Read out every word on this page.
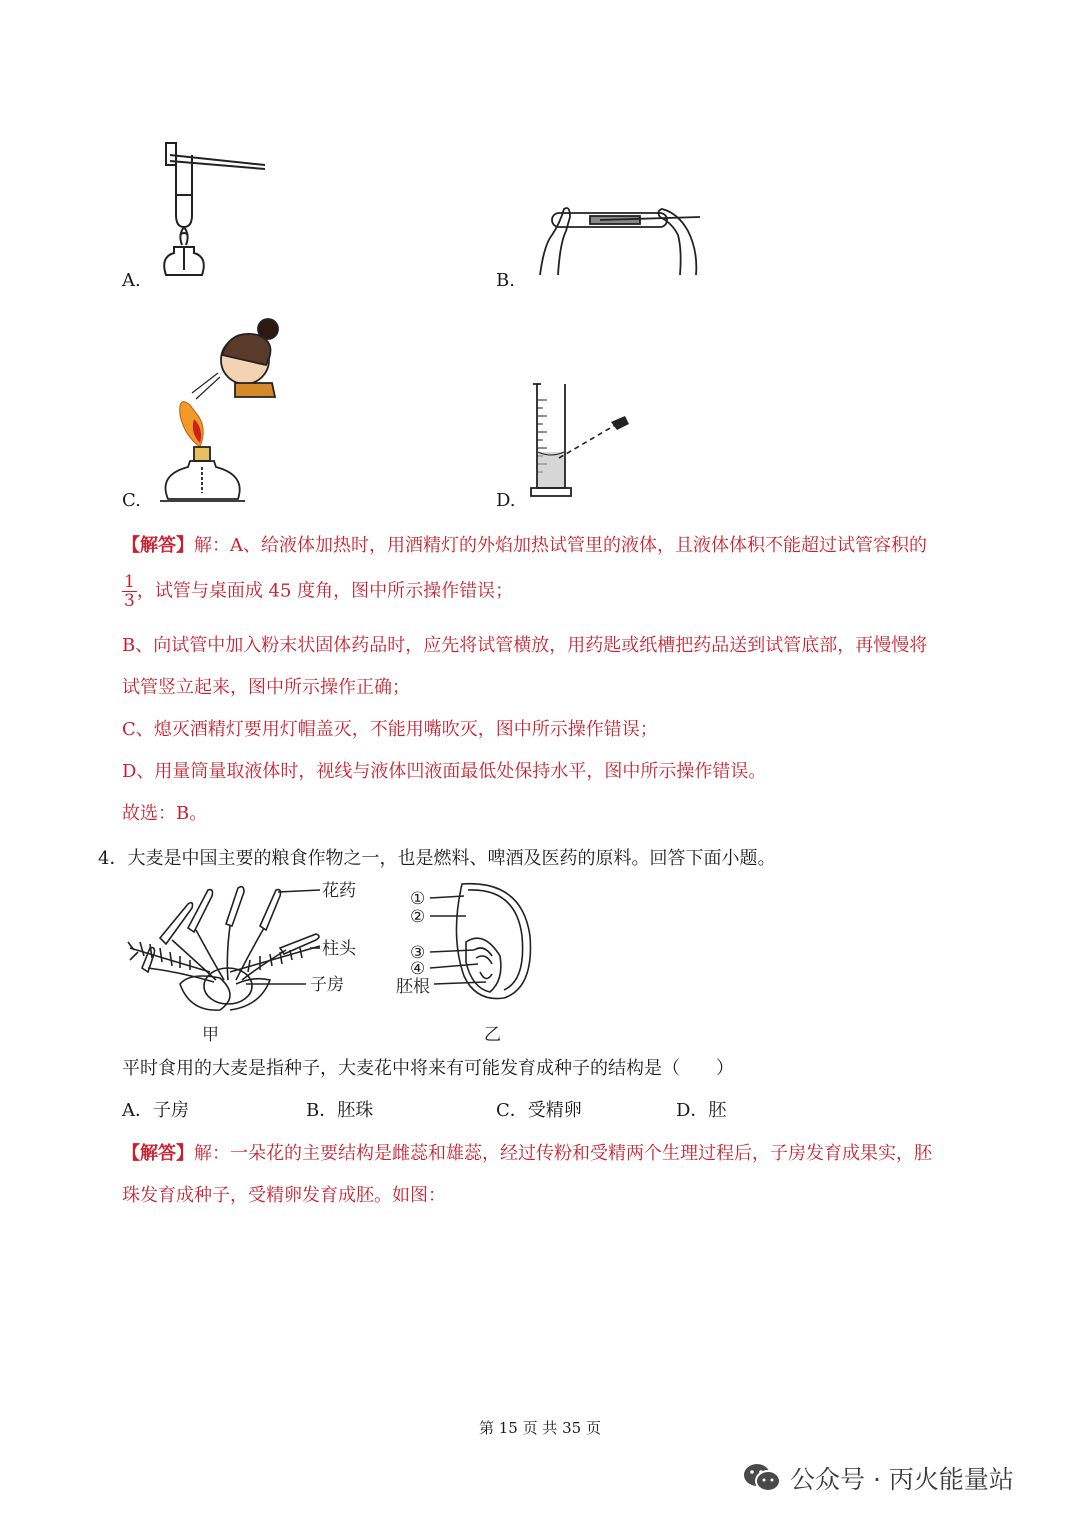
A.	B.
C.	D.
【解答】解：A、给液体加热时，用酒精灯的外焰加热试管里的液体，且液体体积不能超过试管容积的
$\frac{1}{3}$ ，试管与桌面成 45 度角，图中所示操作错误；
B、向试管中加入粉末状固体药品时，应先将试管横放，用药匙或纸槽把药品送到试管底部，再慢慢将
试管竖立起来，图中所示操作正确；
C、熄灭酒精灯要用灯帽盖灭，不能用嘴吹灭，图中所示操作错误；
D、用量筒量取液体时，视线与液体凹液面最低处保持水平，图中所示操作错误。
故选：B。
4．大麦是中国主要的粮食作物之一，也是燃料、啤酒及医药的原料。回答下面小题。
花药
柱头
子房
甲
①
②
③
④
胚根
乙
平时食用的大麦是指种子，大麦花中将来有可能发育成种子的结构是（　　）
A．子房	B．胚珠	C．受精卵	D．胚
【解答】解：一朵花的主要结构是雌蕊和雄蕊，经过传粉和受精两个生理过程后，子房发育成果实，胚
珠发育成种子，受精卵发育成胚。如图：
第 15 页 共 35 页
公众号 · 丙火能量站
